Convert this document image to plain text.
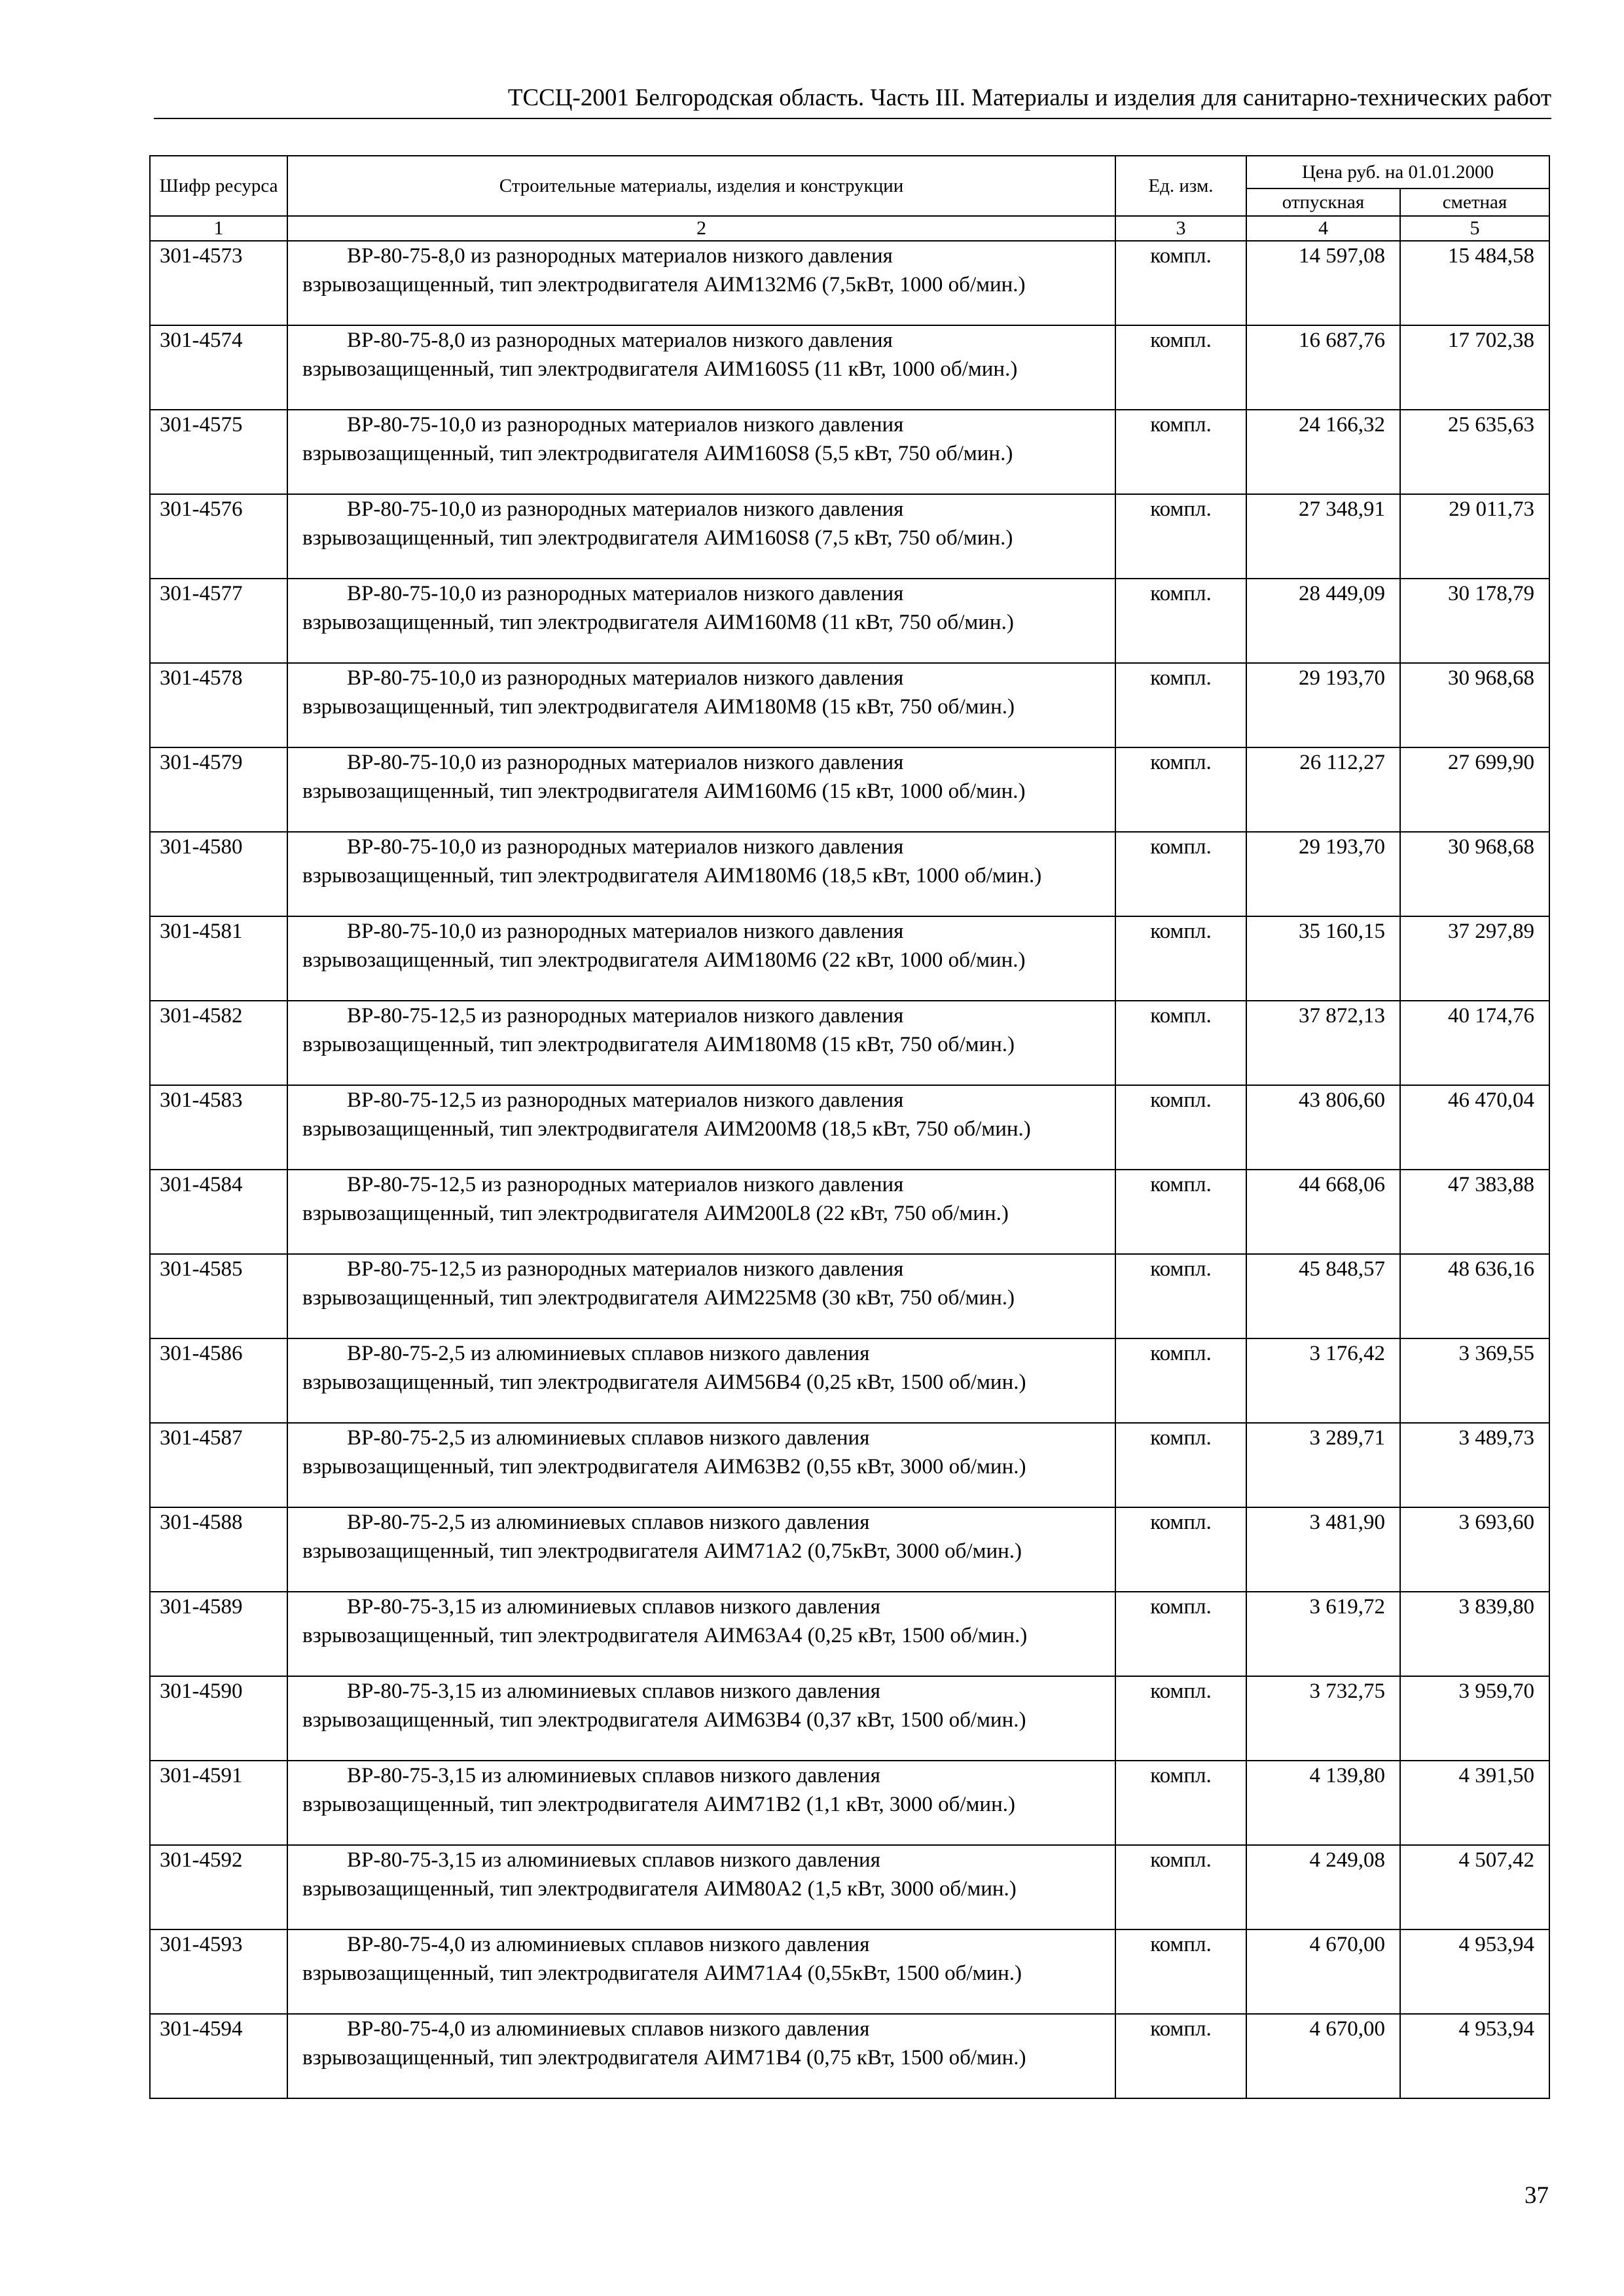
ТССЦ-2001 Белгородская область. Часть III. Материалы и изделия для санитарно-технических работ
Шифр ресурса	Строительные материалы, изделия и конструкции	Ед. изм.	Цена руб. на 01.01.2000	
			отпускная	сметная
1	2	3	4	5
301-4573	ВР-80-75-8,0 из разнородных материалов низкого давления
взрывозащищенный, тип электродвигателя АИМ132М6 (7,5кВт, 1000 об/мин.)	компл.	14 597,08	15 484,58
301-4574	ВР-80-75-8,0 из разнородных материалов низкого давления
взрывозащищенный, тип электродвигателя АИМ160S5 (11 кВт, 1000 об/мин.)	компл.	16 687,76	17 702,38
301-4575	ВР-80-75-10,0 из разнородных материалов низкого давления
взрывозащищенный, тип электродвигателя АИМ160S8 (5,5 кВт, 750 об/мин.)	компл.	24 166,32	25 635,63
301-4576	ВР-80-75-10,0 из разнородных материалов низкого давления
взрывозащищенный, тип электродвигателя АИМ160S8 (7,5 кВт, 750 об/мин.)	компл.	27 348,91	29 011,73
301-4577	ВР-80-75-10,0 из разнородных материалов низкого давления
взрывозащищенный, тип электродвигателя АИМ160М8 (11 кВт, 750 об/мин.)	компл.	28 449,09	30 178,79
301-4578	ВР-80-75-10,0 из разнородных материалов низкого давления
взрывозащищенный, тип электродвигателя АИМ180М8 (15 кВт, 750 об/мин.)	компл.	29 193,70	30 968,68
301-4579	ВР-80-75-10,0 из разнородных материалов низкого давления
взрывозащищенный, тип электродвигателя АИМ160М6 (15 кВт, 1000 об/мин.)	компл.	26 112,27	27 699,90
301-4580	ВР-80-75-10,0 из разнородных материалов низкого давления
взрывозащищенный, тип электродвигателя АИМ180М6 (18,5 кВт, 1000 об/мин.)	компл.	29 193,70	30 968,68
301-4581	ВР-80-75-10,0 из разнородных материалов низкого давления
взрывозащищенный, тип электродвигателя АИМ180М6 (22 кВт, 1000 об/мин.)	компл.	35 160,15	37 297,89
301-4582	ВР-80-75-12,5 из разнородных материалов низкого давления
взрывозащищенный, тип электродвигателя АИМ180М8 (15 кВт, 750 об/мин.)	компл.	37 872,13	40 174,76
301-4583	ВР-80-75-12,5 из разнородных материалов низкого давления
взрывозащищенный, тип электродвигателя АИМ200М8 (18,5 кВт, 750 об/мин.)	компл.	43 806,60	46 470,04
301-4584	ВР-80-75-12,5 из разнородных материалов низкого давления
взрывозащищенный, тип электродвигателя АИМ200L8 (22 кВт, 750 об/мин.)	компл.	44 668,06	47 383,88
301-4585	ВР-80-75-12,5 из разнородных материалов низкого давления
взрывозащищенный, тип электродвигателя АИМ225М8 (30 кВт, 750 об/мин.)	компл.	45 848,57	48 636,16
301-4586	ВР-80-75-2,5 из алюминиевых сплавов низкого давления
взрывозащищенный, тип электродвигателя АИМ56В4 (0,25 кВт, 1500 об/мин.)	компл.	3 176,42	3 369,55
301-4587	ВР-80-75-2,5 из алюминиевых сплавов низкого давления
взрывозащищенный, тип электродвигателя АИМ63В2 (0,55 кВт, 3000 об/мин.)	компл.	3 289,71	3 489,73
301-4588	ВР-80-75-2,5 из алюминиевых сплавов низкого давления
взрывозащищенный, тип электродвигателя АИМ71А2 (0,75кВт, 3000 об/мин.)	компл.	3 481,90	3 693,60
301-4589	ВР-80-75-3,15 из алюминиевых сплавов низкого давления
взрывозащищенный, тип электродвигателя АИМ63А4 (0,25 кВт, 1500 об/мин.)	компл.	3 619,72	3 839,80
301-4590	ВР-80-75-3,15 из алюминиевых сплавов низкого давления
взрывозащищенный, тип электродвигателя АИМ63В4 (0,37 кВт, 1500 об/мин.)	компл.	3 732,75	3 959,70
301-4591	ВР-80-75-3,15 из алюминиевых сплавов низкого давления
взрывозащищенный, тип электродвигателя АИМ71В2 (1,1 кВт, 3000 об/мин.)	компл.	4 139,80	4 391,50
301-4592	ВР-80-75-3,15 из алюминиевых сплавов низкого давления
взрывозащищенный, тип электродвигателя АИМ80А2 (1,5 кВт, 3000 об/мин.)	компл.	4 249,08	4 507,42
301-4593	ВР-80-75-4,0 из алюминиевых сплавов низкого давления
взрывозащищенный, тип электродвигателя АИМ71А4 (0,55кВт, 1500 об/мин.)	компл.	4 670,00	4 953,94
301-4594	ВР-80-75-4,0 из алюминиевых сплавов низкого давления
взрывозащищенный, тип электродвигателя АИМ71В4 (0,75 кВт, 1500 об/мин.)	компл.	4 670,00	4 953,94
37
